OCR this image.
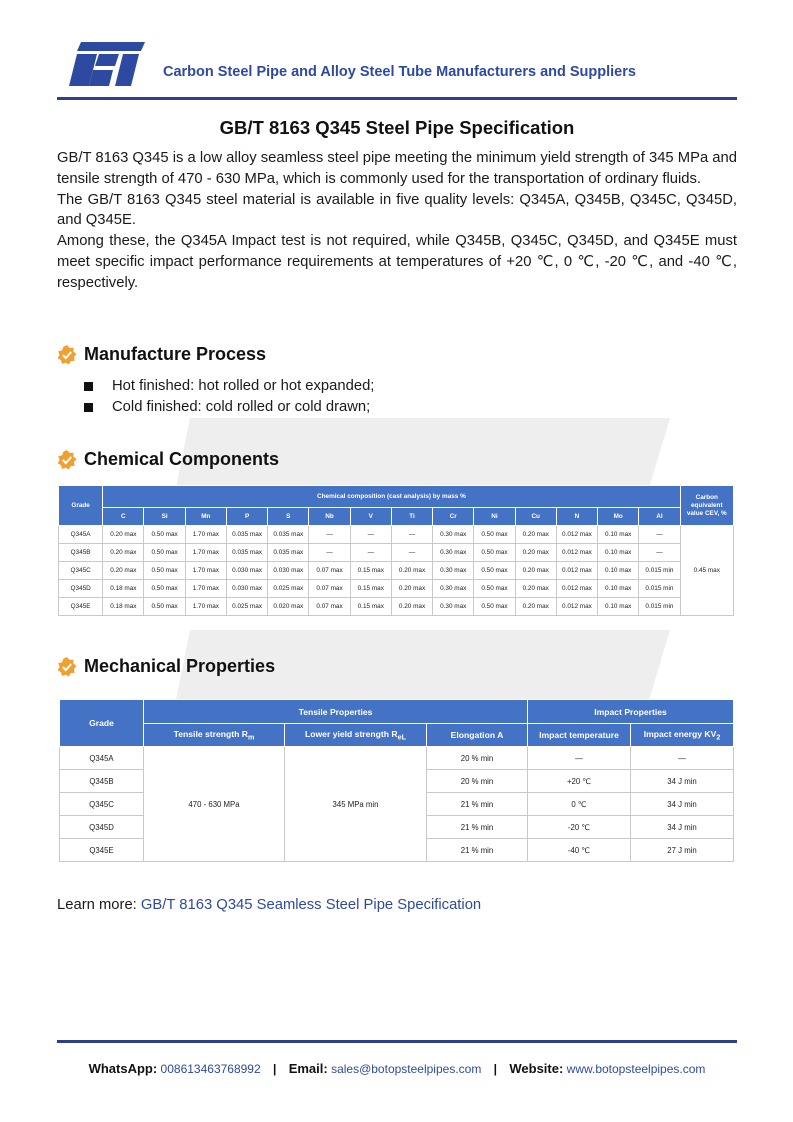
Carbon Steel Pipe and Alloy Steel Tube Manufacturers and Suppliers
GB/T 8163 Q345 Steel Pipe Specification

GB/T 8163 Q345 is a low alloy seamless steel pipe meeting the minimum yield strength of 345 MPa and tensile strength of 470 - 630 MPa, which is commonly used for the transportation of ordinary fluids.

The GB/T 8163 Q345 steel material is available in five quality levels: Q345A, Q345B, Q345C, Q345D, and Q345E.

Among these, the Q345A Impact test is not required, while Q345B, Q345C, Q345D, and Q345E must meet specific impact performance requirements at temperatures of +20 ℃, 0 ℃, -20 ℃, and -40 ℃, respectively.

Manufacture Process
Hot finished: hot rolled or hot expanded;
Cold finished: cold rolled or cold drawn;
Chemical Components
Grade	Chemical composition (cast analysis) by mass %														Carbon equivalent value CEV, %
	C	Si	Mn	P	S	Nb	V	Ti	Cr	Ni	Cu	N	Mo	Al	
Q345A	0.20 max	0.50 max	1.70 max	0.035 max	0.035 max	—	—	—	0.30 max	0.50 max	0.20 max	0.012 max	0.10 max	—	0.45 max
Q345B	0.20 max	0.50 max	1.70 max	0.035 max	0.035 max	—	—	—	0.30 max	0.50 max	0.20 max	0.012 max	0.10 max	—	
Q345C	0.20 max	0.50 max	1.70 max	0.030 max	0.030 max	0.07 max	0.15 max	0.20 max	0.30 max	0.50 max	0.20 max	0.012 max	0.10 max	0.015 min	
Q345D	0.18 max	0.50 max	1.70 max	0.030 max	0.025 max	0.07 max	0.15 max	0.20 max	0.30 max	0.50 max	0.20 max	0.012 max	0.10 max	0.015 min	
Q345E	0.18 max	0.50 max	1.70 max	0.025 max	0.020 max	0.07 max	0.15 max	0.20 max	0.30 max	0.50 max	0.20 max	0.012 max	0.10 max	0.015 min	
Mechanical Properties
Grade	Tensile Properties			Impact Properties	
	Tensile strength $R_m$	Lower yield strength $R_{eL}$	Elongation A	Impact temperature	Impact energy $KV_2$
Q345A	470 - 630 MPa	345 MPa min	20 % min	—	—
Q345B			20 % min	+20 ℃	34 J min
Q345C			21 % min	0 ℃	34 J min
Q345D			21 % min	-20 ℃	34 J min
Q345E			21 % min	-40 ℃	27 J min
Learn more: GB/T 8163 Q345 Seamless Steel Pipe Specification
WhatsApp: 008613463768992 | Email: sales@botopsteelpipes.com | Website: www.botopsteelpipes.com
